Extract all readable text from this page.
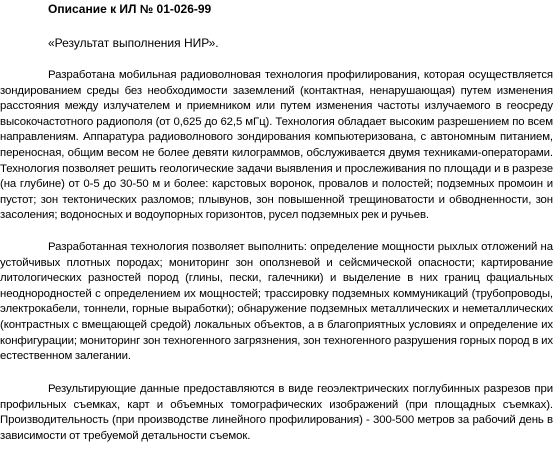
Описание к ИЛ № 01-026-99
«Результат выполнения НИР».

Разработана мобильная радиоволновая технология профилирования, которая осуществляется зондированием среды без необходимости заземлений (контактная, ненарушающая) путем изменения расстояния между излучателем и приемником или путем изменения частоты излучаемого в геосреду высокочастотного радиополя (от 0,625 до 62,5 мГц). Технология обладает высоким разрешением по всем направлениям. Аппаратура радиоволнового зондирования компьютеризована, с автономным питанием, переносная, общим весом не более девяти килограммов, обслуживается двумя техниками-операторами. Технология позволяет решить геологические задачи выявления и прослеживания по площади и в разрезе (на глубине) от 0-5 до 30-50 м и более: карстовых воронок, провалов и полостей; подземных промоин и пустот; зон тектонических разломов; плывунов, зон повышенной трещиноватости и обводненности, зон засоления; водоносных и водоупорных горизонтов, русел подземных рек и ручьев.

Разработанная технология позволяет выполнить: определение мощности рыхлых отложений на устойчивых плотных породах; мониторинг зон оползневой и сейсмической опасности; картирование литологических разностей пород (глины, пески, галечники) и выделение в них границ фациальных неоднородностей с определением их мощностей; трассировку подземных коммуникаций (трубопроводы, электрокабели, тоннели, горные выработки); обнаружение подземных металлических и неметаллических (контрастных с вмещающей средой) локальных объектов, а в благоприятных условиях и определение их конфигурации; мониторинг зон техногенного загрязнения, зон техногенного разрушения горных пород в их естественном залегании.

Результирующие данные предоставляются в виде геоэлектрических поглубинных разрезов при профильных съемках, карт и объемных томографических изображений (при площадных съемках). Производительность (при производстве линейного профилирования) - 300-500 метров за рабочий день в зависимости от требуемой детальности съемок.
